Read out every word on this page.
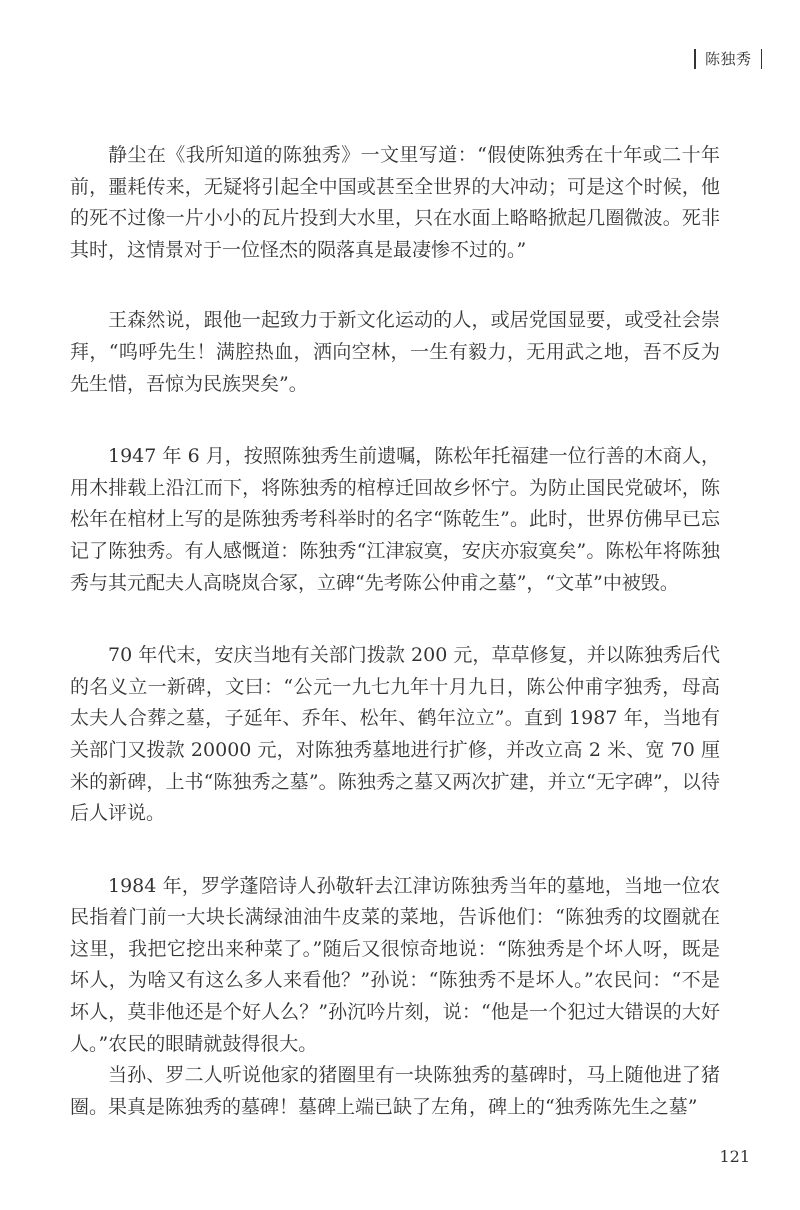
陈独秀

静尘在《我所知道的陈独秀》一文里写道：“假使陈独秀在十年或二十年前，噩耗传来，无疑将引起全中国或甚至全世界的大冲动；可是这个时候，他的死不过像一片小小的瓦片投到大水里，只在水面上略略掀起几圈微波。死非其时，这情景对于一位怪杰的陨落真是最凄惨不过的。”

王森然说，跟他一起致力于新文化运动的人，或居党国显要，或受社会崇拜，“呜呼先生！满腔热血，洒向空林，一生有毅力，无用武之地，吾不反为先生惜，吾惊为民族哭矣”。

1947 年 6 月，按照陈独秀生前遗嘱，陈松年托福建一位行善的木商人，用木排载上沿江而下，将陈独秀的棺椁迁回故乡怀宁。为防止国民党破坏，陈松年在棺材上写的是陈独秀考科举时的名字“陈乾生”。此时，世界仿佛早已忘记了陈独秀。有人感慨道：陈独秀“江津寂寞，安庆亦寂寞矣”。陈松年将陈独秀与其元配夫人高晓岚合冢，立碑“先考陈公仲甫之墓”，“文革”中被毁。

70 年代末，安庆当地有关部门拨款 200 元，草草修复，并以陈独秀后代的名义立一新碑，文曰：“公元一九七九年十月九日，陈公仲甫字独秀，母高太夫人合葬之墓，子延年、乔年、松年、鹤年泣立”。直到 1987 年，当地有关部门又拨款 20000 元，对陈独秀墓地进行扩修，并改立高 2 米、宽 70 厘米的新碑，上书“陈独秀之墓”。陈独秀之墓又两次扩建，并立“无字碑”，以待后人评说。

1984 年，罗学蓬陪诗人孙敬轩去江津访陈独秀当年的墓地，当地一位农民指着门前一大块长满绿油油牛皮菜的菜地，告诉他们：“陈独秀的坟圈就在这里，我把它挖出来种菜了。”随后又很惊奇地说：“陈独秀是个坏人呀，既是坏人，为啥又有这么多人来看他？”孙说：“陈独秀不是坏人。”农民问：“不是坏人，莫非他还是个好人么？”孙沉吟片刻，说：“他是一个犯过大错误的大好人。”农民的眼睛就鼓得很大。

当孙、罗二人听说他家的猪圈里有一块陈独秀的墓碑时，马上随他进了猪圈。果真是陈独秀的墓碑！墓碑上端已缺了左角，碑上的“独秀陈先生之墓”

121
